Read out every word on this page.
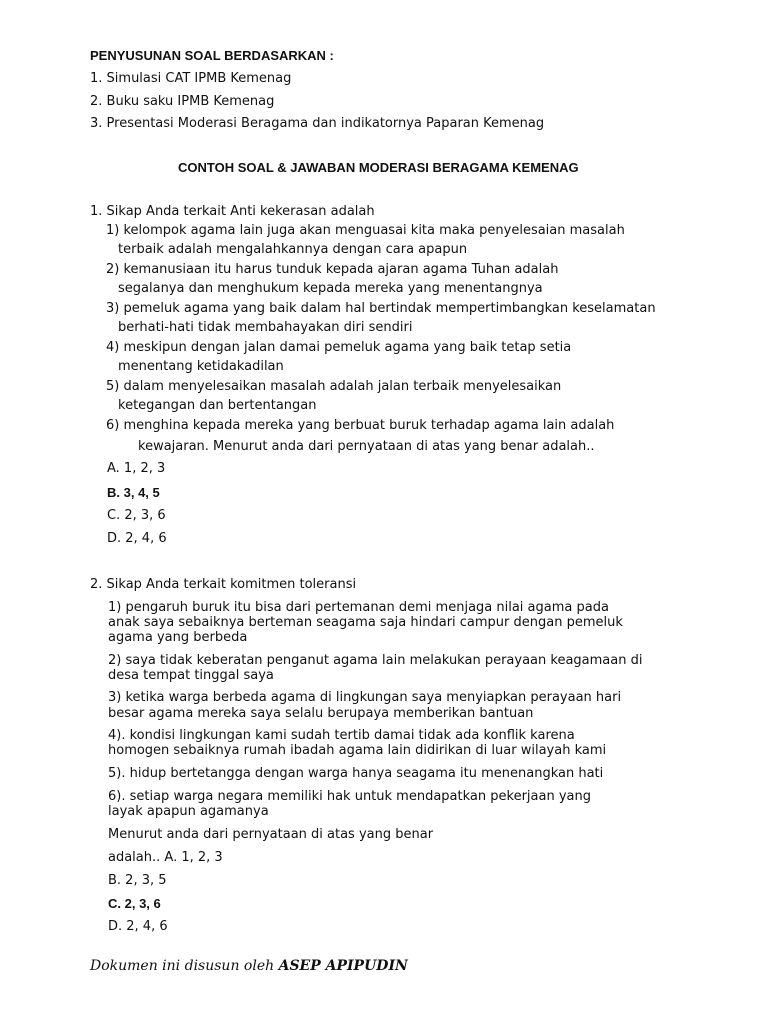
PENYUSUNAN SOAL BERDASARKAN :
1. Simulasi CAT IPMB Kemenag
2. Buku saku IPMB Kemenag
3. Presentasi Moderasi Beragama dan indikatornya Paparan Kemenag
CONTOH SOAL & JAWABAN MODERASI BERAGAMA KEMENAG
1. Sikap Anda terkait Anti kekerasan adalah
1) kelompok agama lain juga akan menguasai kita maka penyelesaian masalah
terbaik adalah mengalahkannya dengan cara apapun
2) kemanusiaan itu harus tunduk kepada ajaran agama Tuhan adalah
segalanya dan menghukum kepada mereka yang menentangnya
3) pemeluk agama yang baik dalam hal bertindak mempertimbangkan keselamatan
berhati-hati tidak membahayakan diri sendiri
4) meskipun dengan jalan damai pemeluk agama yang baik tetap setia
menentang ketidakadilan
5) dalam menyelesaikan masalah adalah jalan terbaik menyelesaikan
ketegangan dan bertentangan
6) menghina kepada mereka yang berbuat buruk terhadap agama lain adalah
kewajaran. Menurut anda dari pernyataan di atas yang benar adalah..
A. 1, 2, 3
B. 3, 4, 5
C. 2, 3, 6
D. 2, 4, 6
2. Sikap Anda terkait komitmen toleransi
1) pengaruh buruk itu bisa dari pertemanan demi menjaga nilai agama pada
anak saya sebaiknya berteman seagama saja hindari campur dengan pemeluk
agama yang berbeda
2) saya tidak keberatan penganut agama lain melakukan perayaan keagamaan di
desa tempat tinggal saya
3) ketika warga berbeda agama di lingkungan saya menyiapkan perayaan hari
besar agama mereka saya selalu berupaya memberikan bantuan
4). kondisi lingkungan kami sudah tertib damai tidak ada konflik karena
homogen sebaiknya rumah ibadah agama lain didirikan di luar wilayah kami
5). hidup bertetangga dengan warga hanya seagama itu menenangkan hati
6). setiap warga negara memiliki hak untuk mendapatkan pekerjaan yang
layak apapun agamanya
Menurut anda dari pernyataan di atas yang benar
adalah.. A. 1, 2, 3
B. 2, 3, 5
C. 2, 3, 6
D. 2, 4, 6
Dokumen ini disusun oleh ASEP APIPUDIN
